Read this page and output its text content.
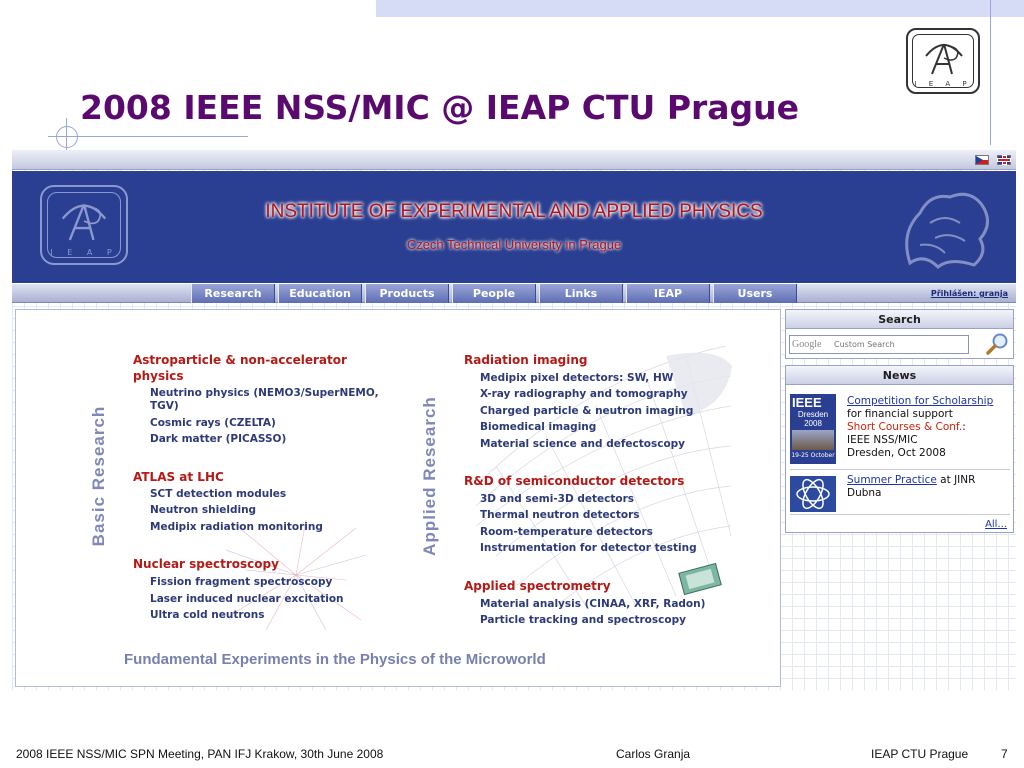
2008 IEEE NSS/MIC @ IEAP CTU Prague
I E A P
I E A P
INSTITUTE OF EXPERIMENTAL AND APPLIED PHYSICS
Czech Technical University in Prague
Research	Education	Products	People	Links	IEAP	Users	Přihlášen: granja
Basic Research	Applied Research
Astroparticle & non-accelerator
physics
Neutrino physics (NEMO3/SuperNEMO,
TGV)
Cosmic rays (CZELTA)
Dark matter (PICASSO)
ATLAS at LHC
SCT detection modules
Neutron shielding
Medipix radiation monitoring
Nuclear spectroscopy
Fission fragment spectroscopy
Laser induced nuclear excitation
Ultra cold neutrons
Radiation imaging
Medipix pixel detectors: SW, HW
X-ray radiography and tomography
Charged particle & neutron imaging
Biomedical imaging
Material science and defectoscopy
R&D of semiconductor detectors
3D and semi-3D detectors
Thermal neutron detectors
Room-temperature detectors
Instrumentation for detector testing
Applied spectrometry
Material analysis (CINAA, XRF, Radon)
Particle tracking and spectroscopy
Fundamental Experiments in the Physics of the Microworld
Search
Custom Search
Google
News
IEEE
Dresden 2008
19-25 October
Competition for Scholarship
for financial support
Short Courses & Conf.:
IEEE NSS/MIC
Dresden, Oct 2008
Summer Practice at JINR
Dubna
All...
2008 IEEE NSS/MIC SPN Meeting, PAN IFJ Krakow, 30th June 2008	Carlos Granja	IEAP CTU Prague	7
